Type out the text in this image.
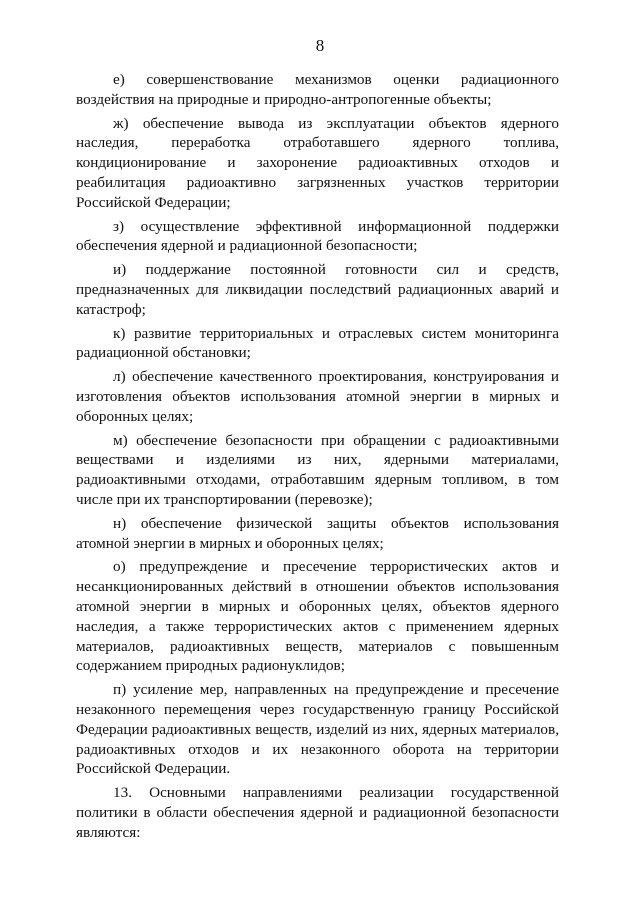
8

е) совершенствование механизмов оценки радиационного воздействия на природные и природно-антропогенные объекты;

ж) обеспечение вывода из эксплуатации объектов ядерного наследия, переработка отработавшего ядерного топлива, кондиционирование и захоронение радиоактивных отходов и реабилитация радиоактивно загрязненных участков территории Российской Федерации;

з) осуществление эффективной информационной поддержки обеспечения ядерной и радиационной безопасности;

и) поддержание постоянной готовности сил и средств, предназначенных для ликвидации последствий радиационных аварий и катастроф;

к) развитие территориальных и отраслевых систем мониторинга радиационной обстановки;

л) обеспечение качественного проектирования, конструирования и изготовления объектов использования атомной энергии в мирных и оборонных целях;

м) обеспечение безопасности при обращении с радиоактивными веществами и изделиями из них, ядерными материалами, радиоактивными отходами, отработавшим ядерным топливом, в том числе при их транспортировании (перевозке);

н) обеспечение физической защиты объектов использования атомной энергии в мирных и оборонных целях;

о) предупреждение и пресечение террористических актов и несанкционированных действий в отношении объектов использования атомной энергии в мирных и оборонных целях, объектов ядерного наследия, а также террористических актов с применением ядерных материалов, радиоактивных веществ, материалов с повышенным содержанием природных радионуклидов;

п) усиление мер, направленных на предупреждение и пресечение незаконного перемещения через государственную границу Российской Федерации радиоактивных веществ, изделий из них, ядерных материалов, радиоактивных отходов и их незаконного оборота на территории Российской Федерации.

13. Основными направлениями реализации государственной политики в области обеспечения ядерной и радиационной безопасности являются:
